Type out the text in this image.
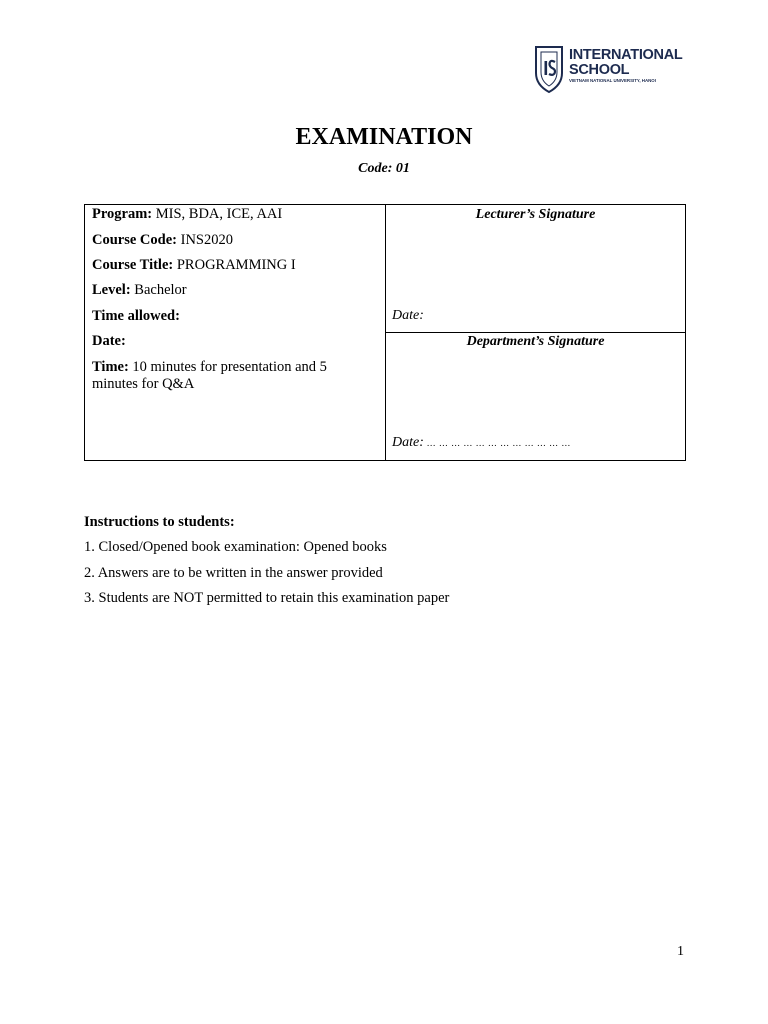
INTERNATIONAL
SCHOOL
VIETNAM NATIONAL UNIVERSITY, HANOI
EXAMINATION
Code: 01
Program: MIS, BDA, ICE, AAI
Course Code: INS2020
Course Title: PROGRAMMING I
Level: Bachelor
Time allowed:
Date:
Time: 10 minutes for presentation and 5 minutes for Q&A
Lecturer’s Signature
Date:
Department’s Signature
Date: … … … … … … … … … … … …
Instructions to students:
1. Closed/Opened book examination: Opened books
2. Answers are to be written in the answer provided
3. Students are NOT permitted to retain this examination paper
1
